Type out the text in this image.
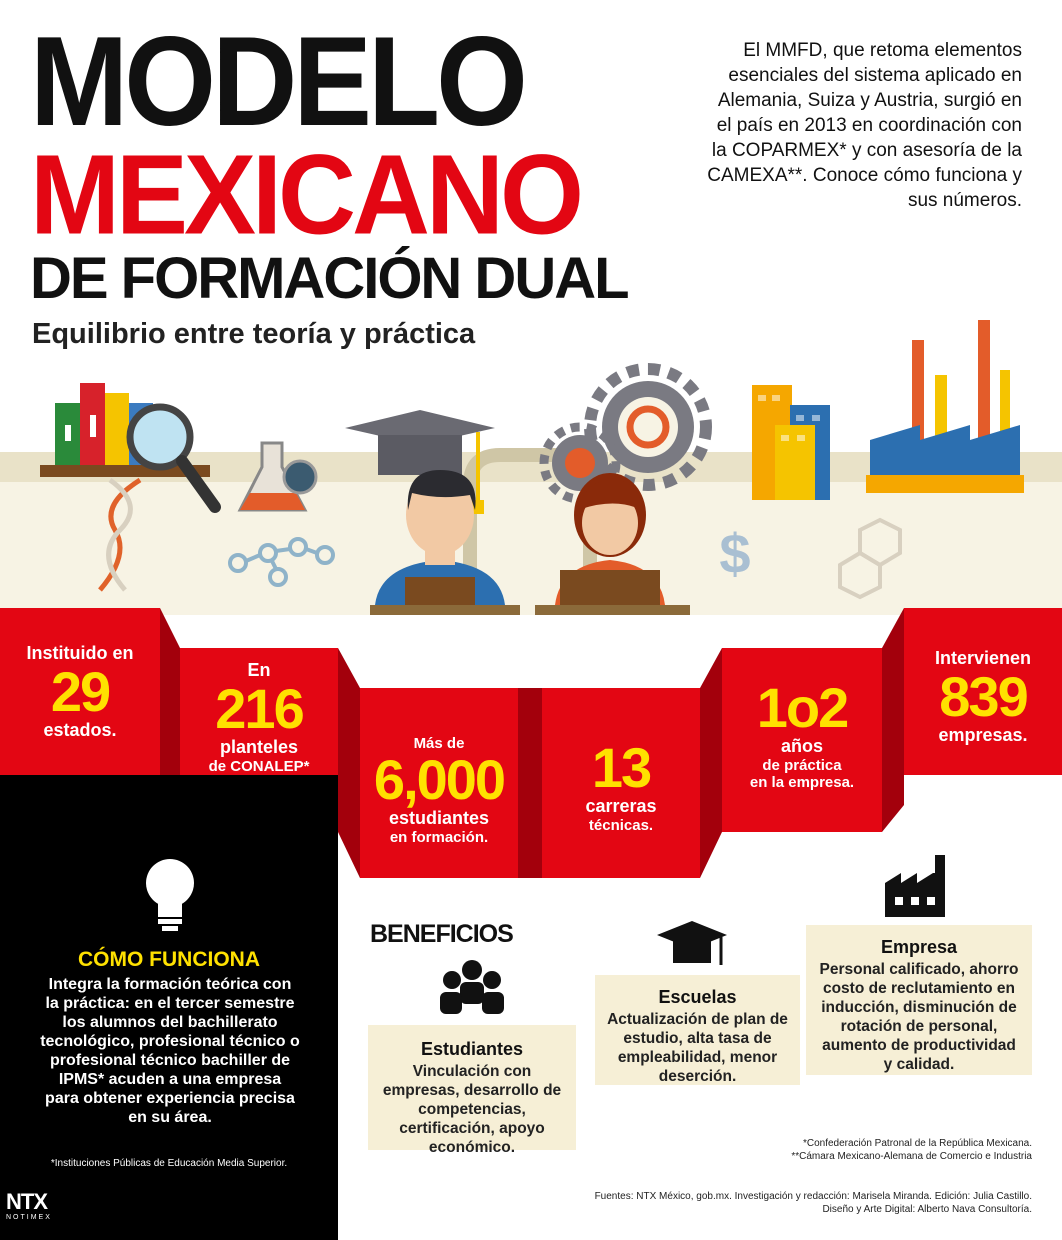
MODELO
MEXICANO
DE FORMACIÓN DUAL
Equilibrio entre teoría y práctica
El MMFD, que retoma elementos esenciales del sistema aplicado en Alemania, Suiza y Austria, surgió en el país en 2013 en coordinación con la COPARMEX* y con asesoría de la CAMEXA**. Conoce cómo funciona y sus números.
$
Instituido en
29
estados.
En
216
planteles
de CONALEP*
Más de
6,000
estudiantes
en formación.
13
carreras
técnicas.
1o2
años
de práctica
en la empresa.
Intervienen
839
empresas.
CÓMO FUNCIONA
Integra la formación teórica con la práctica: en el tercer semestre los alumnos del bachillerato tecnológico, profesional técnico o profesional técnico bachiller de IPMS* acuden a una empresa para obtener experiencia precisa en su área.
*Instituciones Públicas de Educación Media Superior.
NTX
NOTIMEX
BENEFICIOS
Estudiantes
Vinculación con empresas, desarrollo de competencias, certificación, apoyo económico.
Escuelas
Actualización de plan de estudio, alta tasa de empleabilidad, menor deserción.
Empresa
Personal calificado, ahorro costo de reclutamiento en inducción, disminución de rotación de personal, aumento de productividad y calidad.
*Confederación Patronal de la República Mexicana.
**Cámara Mexicano-Alemana de Comercio e Industria
Fuentes: NTX México, gob.mx. Investigación y redacción: Marisela Miranda. Edición: Julia Castillo.
Diseño y Arte Digital: Alberto Nava Consultoría.
